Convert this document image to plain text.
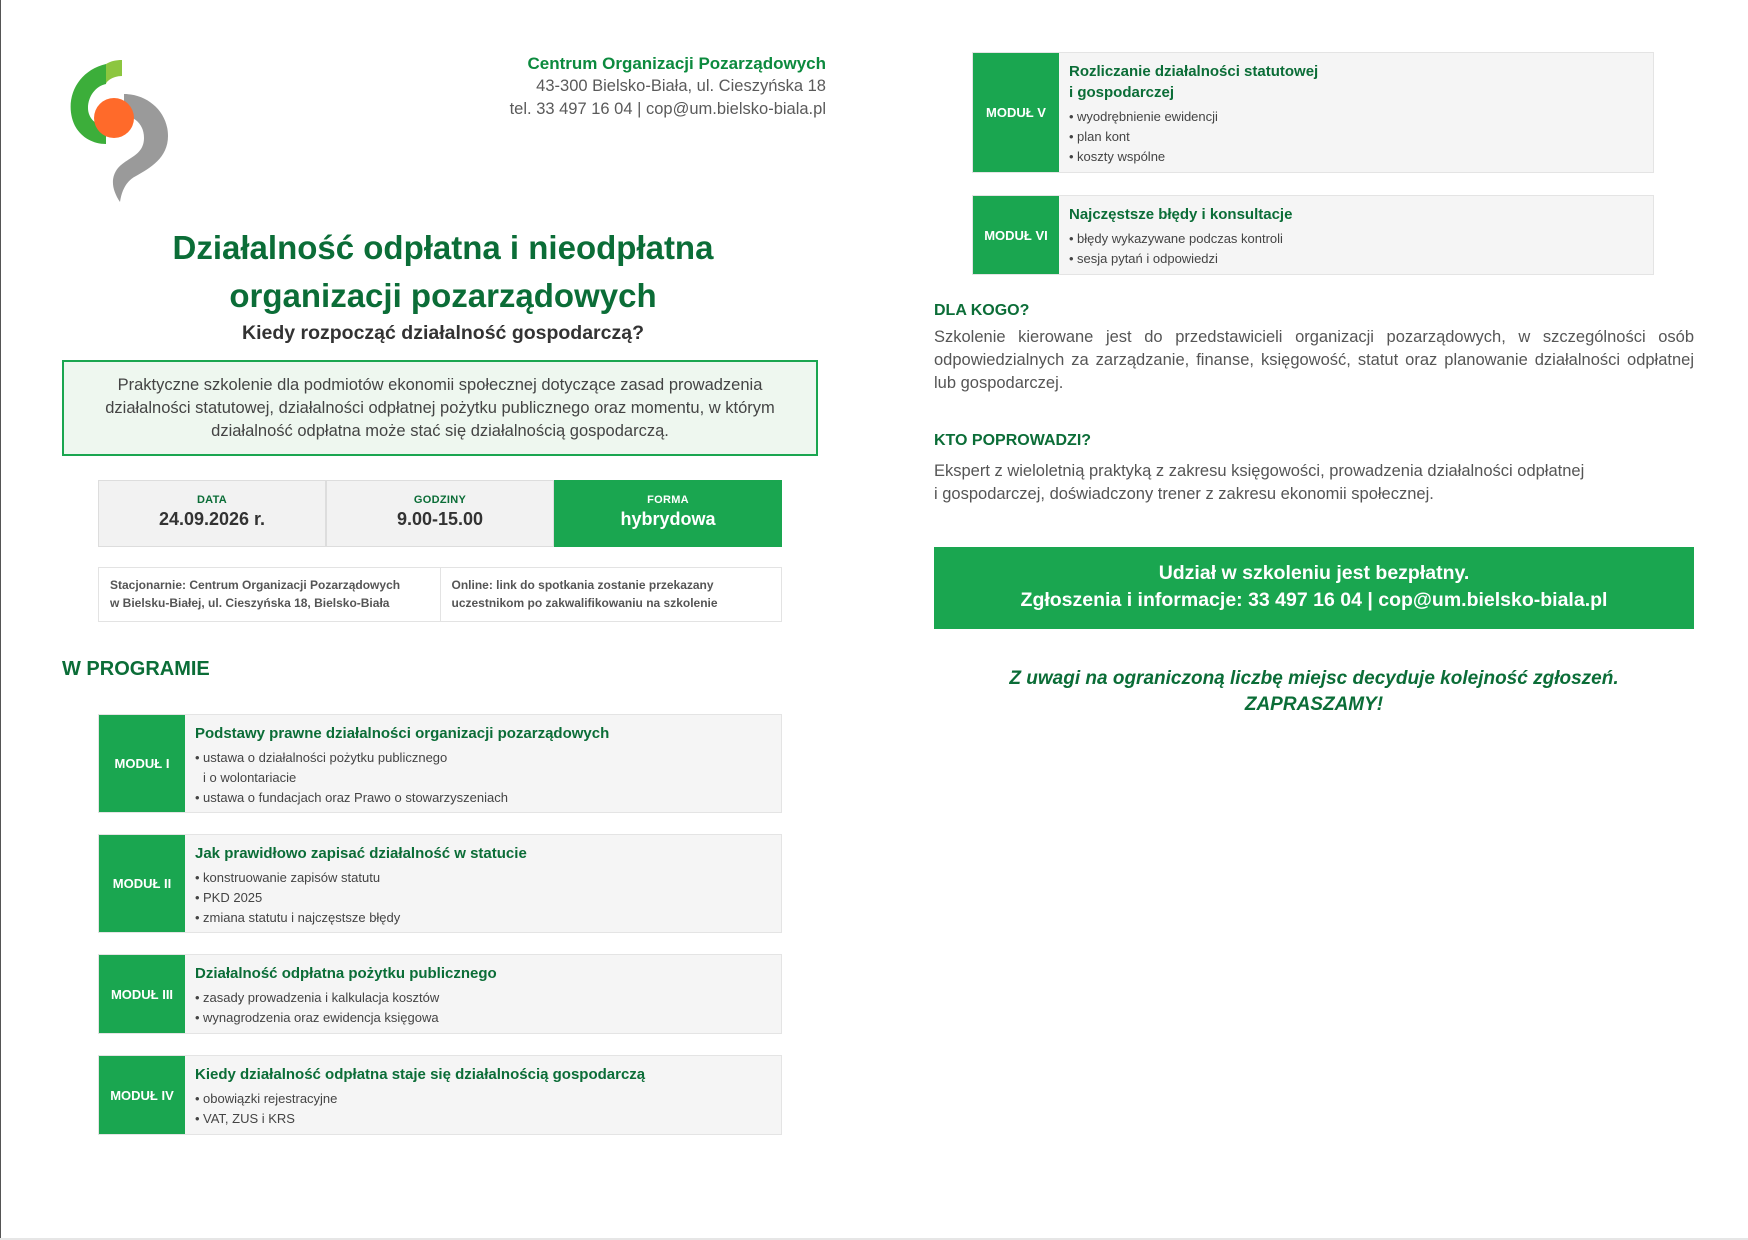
Centrum Organizacji Pozarządowych
43-300 Bielsko-Biała, ul. Cieszyńska 18
tel. 33 497 16 04 | cop@um.bielsko-biala.pl
Działalność odpłatna i nieodpłatna
organizacji pozarządowych
Kiedy rozpocząć działalność gospodarczą?
Praktyczne szkolenie dla podmiotów ekonomii społecznej dotyczące zasad prowadzenia
działalności statutowej, działalności odpłatnej pożytku publicznego oraz momentu, w którym
działalność odpłatna może stać się działalnością gospodarczą.
DATA
24.09.2026 r.
GODZINY
9.00-15.00
FORMA
hybrydowa
Stacjonarnie: Centrum Organizacji Pozarządowych
w Bielsku-Białej, ul. Cieszyńska 18, Bielsko-Biała
Online: link do spotkania zostanie przekazany
uczestnikom po zakwalifikowaniu na szkolenie
W PROGRAMIE
MODUŁ I
Podstawy prawne działalności organizacji pozarządowych
• ustawa o działalności pożytku publicznego
i o wolontariacie
• ustawa o fundacjach oraz Prawo o stowarzyszeniach
MODUŁ II
Jak prawidłowo zapisać działalność w statucie
• konstruowanie zapisów statutu
• PKD 2025
• zmiana statutu i najczęstsze błędy
MODUŁ III
Działalność odpłatna pożytku publicznego
• zasady prowadzenia i kalkulacja kosztów
• wynagrodzenia oraz ewidencja księgowa
MODUŁ IV
Kiedy działalność odpłatna staje się działalnością gospodarczą
• obowiązki rejestracyjne
• VAT, ZUS i KRS
MODUŁ V
Rozliczanie działalności statutowej
i gospodarczej
• wyodrębnienie ewidencji
• plan kont
• koszty wspólne
MODUŁ VI
Najczęstsze błędy i konsultacje
• błędy wykazywane podczas kontroli
• sesja pytań i odpowiedzi
DLA KOGO?
Szkolenie kierowane jest do przedstawicieli organizacji pozarządowych, w szczególności osób odpowiedzialnych za zarządzanie, finanse, księgowość, statut oraz planowanie działalności odpłatnej lub gospodarczej.
KTO POPROWADZI?
Ekspert z wieloletnią praktyką z zakresu księgowości, prowadzenia działalności odpłatnej
i gospodarczej, doświadczony trener z zakresu ekonomii społecznej.
Udział w szkoleniu jest bezpłatny.
Zgłoszenia i informacje: 33 497 16 04 | cop@um.bielsko-biala.pl
Z uwagi na ograniczoną liczbę miejsc decyduje kolejność zgłoszeń.
ZAPRASZAMY!
